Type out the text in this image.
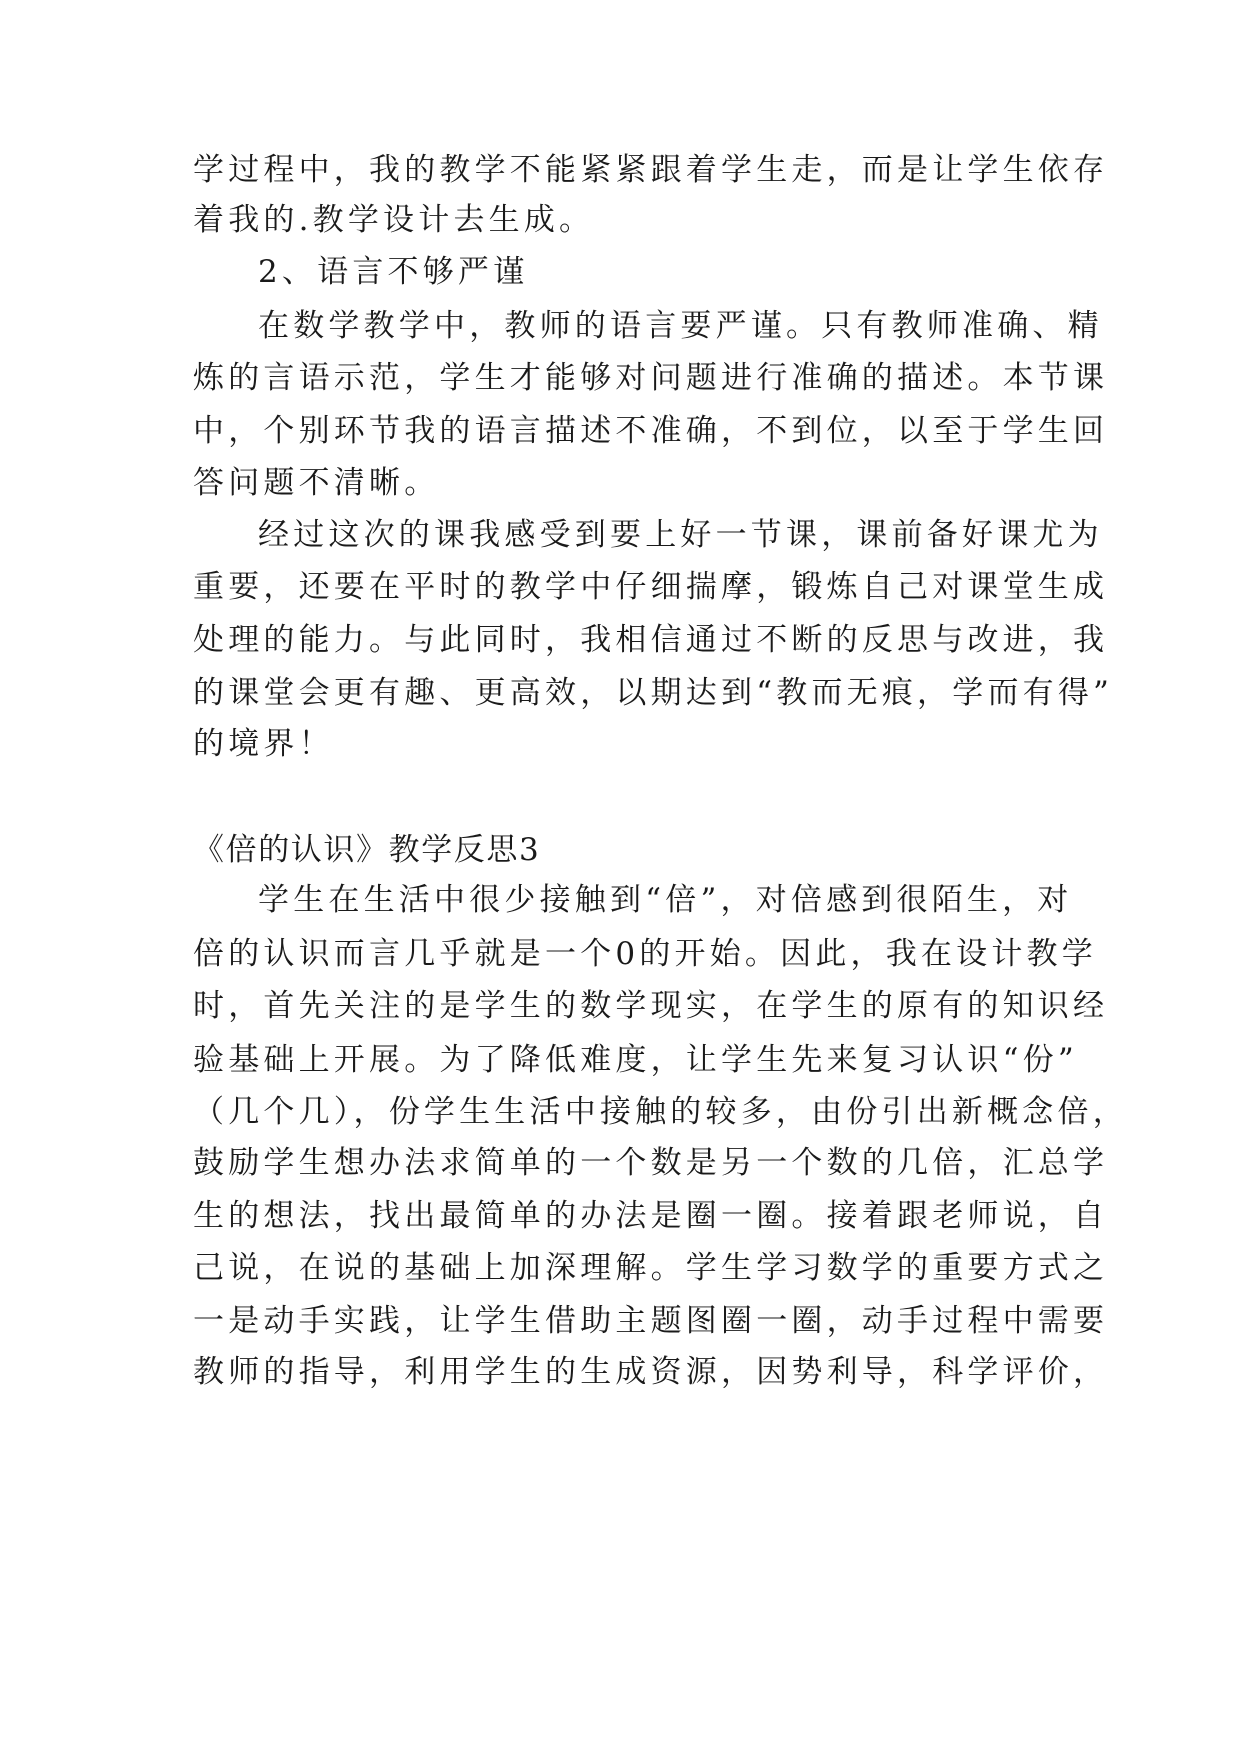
学过程中，我的教学不能紧紧跟着学生走，而是让学生依存
着我的.教学设计去生成。
2、语言不够严谨
在数学教学中，教师的语言要严谨。只有教师准确、精
炼的言语示范，学生才能够对问题进行准确的描述。本节课
中，个别环节我的语言描述不准确，不到位，以至于学生回
答问题不清晰。
经过这次的课我感受到要上好一节课，课前备好课尤为
重要，还要在平时的教学中仔细揣摩，锻炼自己对课堂生成
处理的能力。与此同时，我相信通过不断的反思与改进，我
的课堂会更有趣、更高效，以期达到“教而无痕，学而有得”
的境界！
《倍的认识》教学反思3
学生在生活中很少接触到“倍”，对倍感到很陌生，对
倍的认识而言几乎就是一个0的开始。因此，我在设计教学
时，首先关注的是学生的数学现实，在学生的原有的知识经
验基础上开展。为了降低难度，让学生先来复习认识“份”
（几个几），份学生生活中接触的较多，由份引出新概念倍，
鼓励学生想办法求简单的一个数是另一个数的几倍，汇总学
生的想法，找出最简单的办法是圈一圈。接着跟老师说，自
己说，在说的基础上加深理解。学生学习数学的重要方式之
一是动手实践，让学生借助主题图圈一圈，动手过程中需要
教师的指导，利用学生的生成资源，因势利导，科学评价，
